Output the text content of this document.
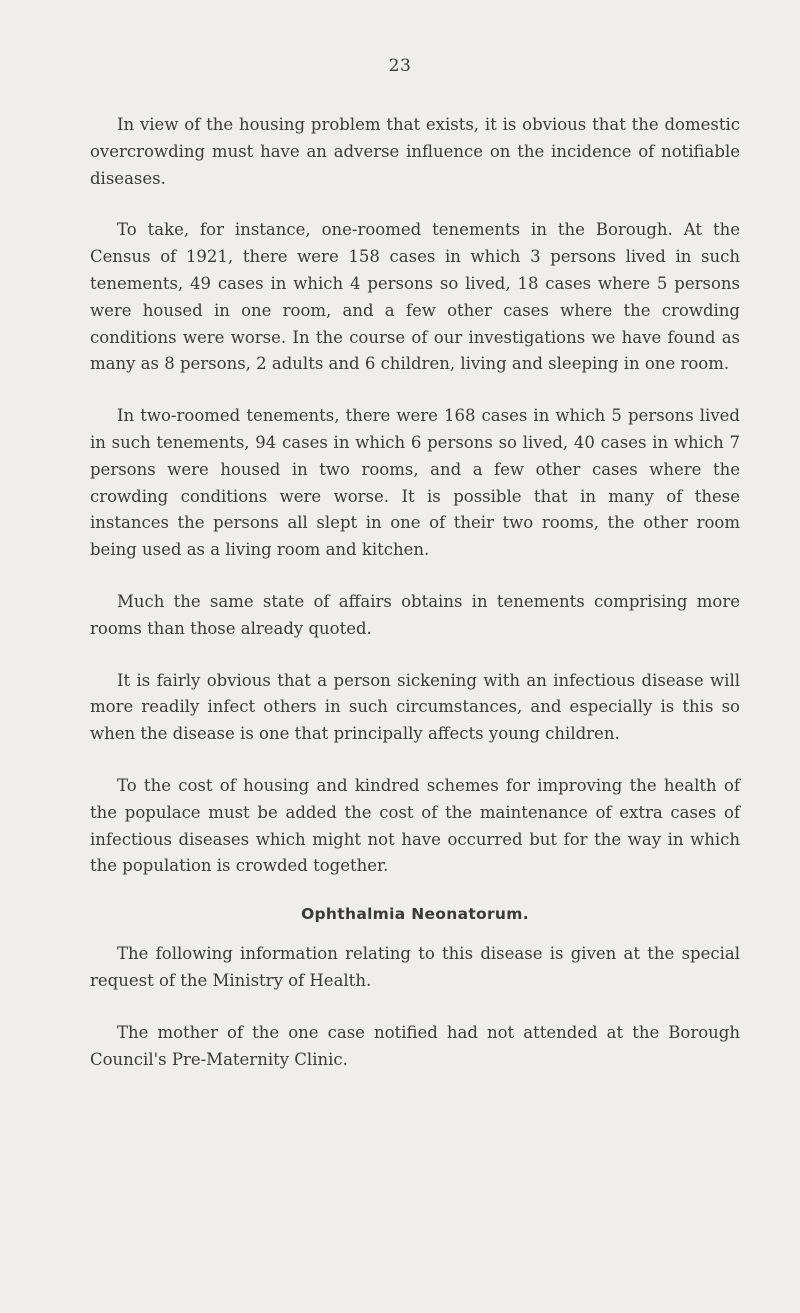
23

In view of the housing problem that exists, it is obvious that the domestic overcrowding must have an adverse influence on the incidence of notifiable diseases.

To take, for instance, one-roomed tenements in the Borough. At the Census of 1921, there were 158 cases in which 3 persons lived in such tenements, 49 cases in which 4 persons so lived, 18 cases where 5 persons were housed in one room, and a few other cases where the crowding conditions were worse. In the course of our investigations we have found as many as 8 persons, 2 adults and 6 children, living and sleeping in one room.

In two-roomed tenements, there were 168 cases in which 5 persons lived in such tenements, 94 cases in which 6 persons so lived, 40 cases in which 7 persons were housed in two rooms, and a few other cases where the crowding conditions were worse. It is possible that in many of these instances the persons all slept in one of their two rooms, the other room being used as a living room and kitchen.

Much the same state of affairs obtains in tenements comprising more rooms than those already quoted.

It is fairly obvious that a person sickening with an infectious disease will more readily infect others in such circumstances, and especially is this so when the disease is one that principally affects young children.

To the cost of housing and kindred schemes for improving the health of the populace must be added the cost of the maintenance of extra cases of infectious diseases which might not have occurred but for the way in which the population is crowded together.

Ophthalmia Neonatorum.

The following information relating to this disease is given at the special request of the Ministry of Health.

The mother of the one case notified had not attended at the Borough Council's Pre-Maternity Clinic.
